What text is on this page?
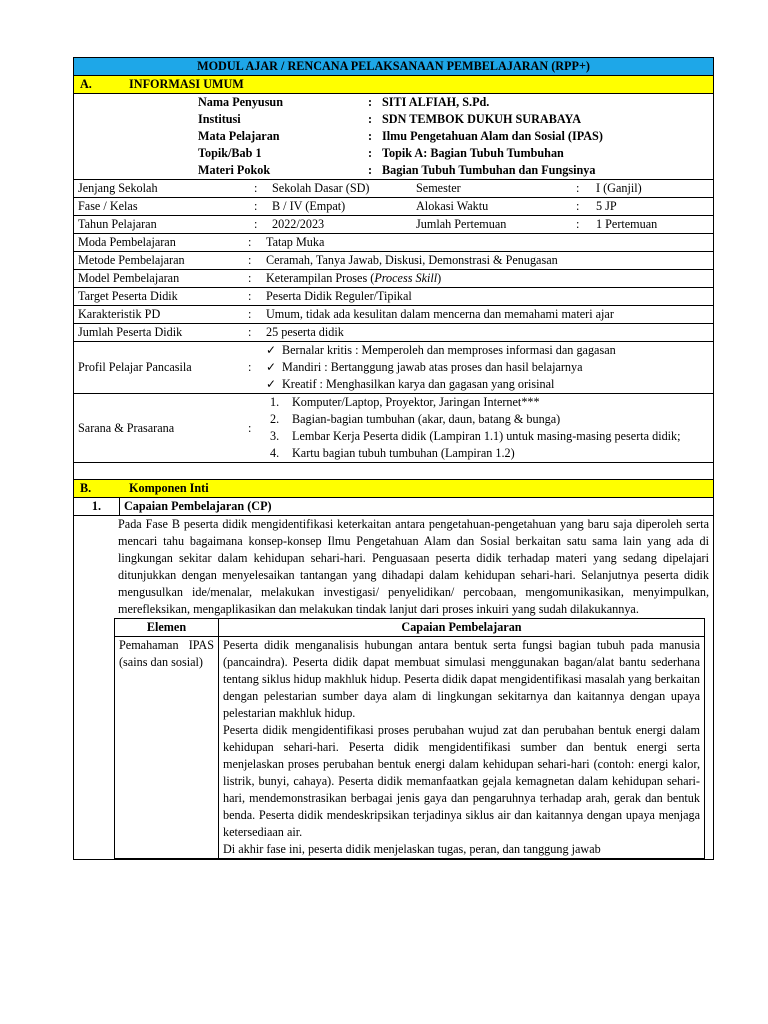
MODUL AJAR / RENCANA PELAKSANAAN PEMBELAJARAN (RPP+)
A.	INFORMASI UMUM

Nama Penyusun	: SITI ALFIAH, S.Pd.
Institusi	: SDN TEMBOK DUKUH SURABAYA
Mata Pelajaran	: Ilmu Pengetahuan Alam dan Sosial (IPAS)
Topik/Bab 1	: Topik A: Bagian Tubuh Tumbuhan
Materi Pokok	: Bagian Tubuh Tumbuhan dan Fungsinya

Jenjang Sekolah	:	Sekolah Dasar (SD)	Semester	:	I (Ganjil)

Fase / Kelas	:	B / IV (Empat)	Alokasi Waktu	:	5 JP

Tahun Pelajaran	:	2022/2023	Jumlah Pertemuan	:	1 Pertemuan

Moda Pembelajaran	:	Tatap Muka

Metode Pembelajaran	:	Ceramah, Tanya Jawab, Diskusi, Demonstrasi & Penugasan

Model Pembelajaran	:	Keterampilan Proses (Process Skill)

Target Peserta Didik	:	Peserta Didik Reguler/Tipikal

Karakteristik PD	:	Umum, tidak ada kesulitan dalam mencerna dan memahami materi ajar

Jumlah Peserta Didik	:	25 peserta didik

Profil Pelajar Pancasila	:
✓ Bernalar kritis : Memperoleh dan memproses informasi dan gagasan
✓ Mandiri : Bertanggung jawab atas proses dan hasil belajarnya
✓ Kreatif : Menghasilkan karya dan gagasan yang orisinal

Sarana & Prasarana	:
1.	Komputer/Laptop, Proyektor, Jaringan Internet***
2.	Bagian-bagian tumbuhan (akar, daun, batang & bunga)
3.	Lembar Kerja Peserta didik (Lampiran 1.1) untuk masing-masing peserta didik;
4.	Kartu bagian tubuh tumbuhan (Lampiran 1.2)

B.	Komponen Inti
1.	Capaian Pembelajaran (CP)

Pada Fase B peserta didik mengidentifikasi keterkaitan antara pengetahuan-pengetahuan yang baru saja diperoleh serta mencari tahu bagaimana konsep-konsep Ilmu Pengetahuan Alam dan Sosial berkaitan satu sama lain yang ada di lingkungan sekitar dalam kehidupan sehari-hari. Penguasaan peserta didik terhadap materi yang sedang dipelajari ditunjukkan dengan menyelesaikan tantangan yang dihadapi dalam kehidupan sehari-hari. Selanjutnya peserta didik mengusulkan ide/menalar, melakukan investigasi/ penyelidikan/ percobaan, mengomunikasikan, menyimpulkan, merefleksikan, mengaplikasikan dan melakukan tindak lanjut dari proses inkuiri yang sudah dilakukannya.
Elemen	Capaian Pembelajaran
Pemahaman IPAS (sains dan sosial)	
Peserta didik menganalisis hubungan antara bentuk serta fungsi bagian tubuh pada manusia (pancaindra). Peserta didik dapat membuat simulasi menggunakan bagan/alat bantu sederhana tentang siklus hidup makhluk hidup. Peserta didik dapat mengidentifikasi masalah yang berkaitan dengan pelestarian sumber daya alam di lingkungan sekitarnya dan kaitannya dengan upaya pelestarian makhluk hidup.
Peserta didik mengidentifikasi proses perubahan wujud zat dan perubahan bentuk energi dalam kehidupan sehari-hari. Peserta didik mengidentifikasi sumber dan bentuk energi serta menjelaskan proses perubahan bentuk energi dalam kehidupan sehari-hari (contoh: energi kalor, listrik, bunyi, cahaya). Peserta didik memanfaatkan gejala kemagnetan dalam kehidupan sehari-hari, mendemonstrasikan berbagai jenis gaya dan pengaruhnya terhadap arah, gerak dan bentuk benda. Peserta didik mendeskripsikan terjadinya siklus air dan kaitannya dengan upaya menjaga ketersediaan air.
Di akhir fase ini, peserta didik menjelaskan tugas, peran, dan tanggung jawab
